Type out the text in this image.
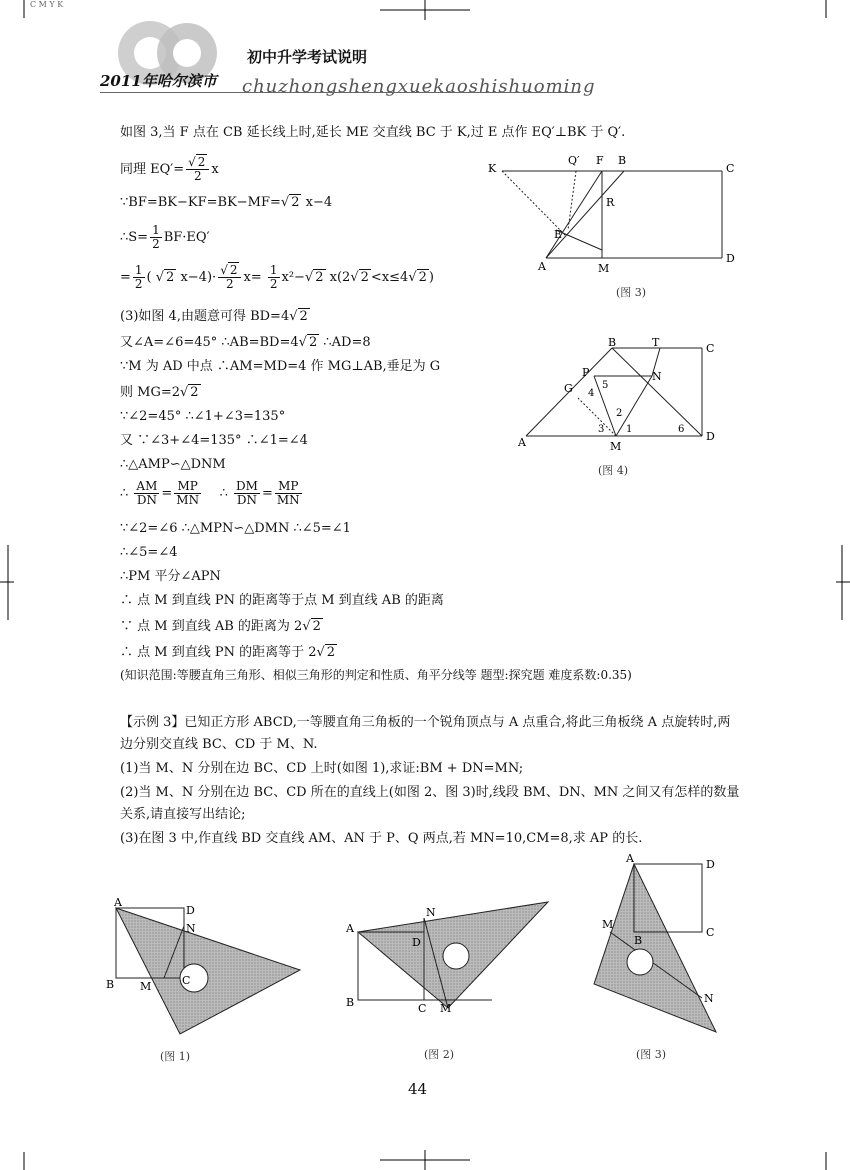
C M Y K
初中升学考试说明
2011年哈尔滨市 chuzhongshengxuekaoshishuoming
如图 3,当 F 点在 CB 延长线上时,延长 ME 交直线 BC 于 K,过 E 点作 EQ′⊥BK 于 Q′.
同理 $EQ'= \frac{√ 2}{2}$ x
∵BF=BK−KF=BK−MF=√ 2 x−4
∴S= $\frac{1}{2} BF\cdot EQ'$
= $\frac{1}{2}$ ( √ 2 $x-4)\cdot \frac{√ 2}{2} x= \frac{1}{2} x^2-√$ 2 x(2√ 2 <x≤4√ 2 )
(3)如图 4,由题意可得 BD=4√ 2
又∠A=∠6=45° ∴AB=BD=4√ 2 ∴AD=8
∵M 为 AD 中点 ∴AM=MD=4 作 MG⊥AB,垂足为 G
则 MG=2√ 2
∵∠2=45° ∴∠1+∠3=135°
又 ∵∠3+∠4=135° ∴∠1=∠4
∴△AMP∽△DNM
∴ $\frac{AM}{DN} = \frac{MP}{MN}$ ∴ $\frac{DM}{DN} = \frac{MP}{MN}$
∵∠2=∠6 ∴△MPN∽△DMN ∴∠5=∠1
∴∠5=∠4
∴PM 平分∠APN
∴ 点 M 到直线 PN 的距离等于点 M 到直线 AB 的距离
∵ 点 M 到直线 AB 的距离为 2√ 2
∴ 点 M 到直线 PN 的距离等于 2√ 2
(知识范围:等腰直角三角形、相似三角形的判定和性质、角平分线等 题型:探究题 难度系数:0.35)
【示例 3】已知正方形 ABCD,一等腰直角三角板的一个锐角顶点与 A 点重合,将此三角板绕 A 点旋转时,两边分别交直线 BC、CD 于 M、N.
(1)当 M、N 分别在边 BC、CD 上时(如图 1),求证:BM + DN=MN;
(2)当 M、N 分别在边 BC、CD 所在的直线上(如图 2、图 3)时,线段 BM、DN、MN 之间又有怎样的数量关系,请直接写出结论;
(3)在图 3 中,作直线 BD 交直线 AM、AN 于 P、Q 两点,若 MN=10,CM=8,求 AP 的长.
K
Q′ F B
C
R
E
A	M
D
(图 3)
B	T	C
P	N
G
A	M
D
1
2
3
4
5
6
(图 4)
A
D
N
B M	C
(图 1)
A
N
D
B	C M
(图 2)
A	D
M
C
B
N
(图 3)
44
